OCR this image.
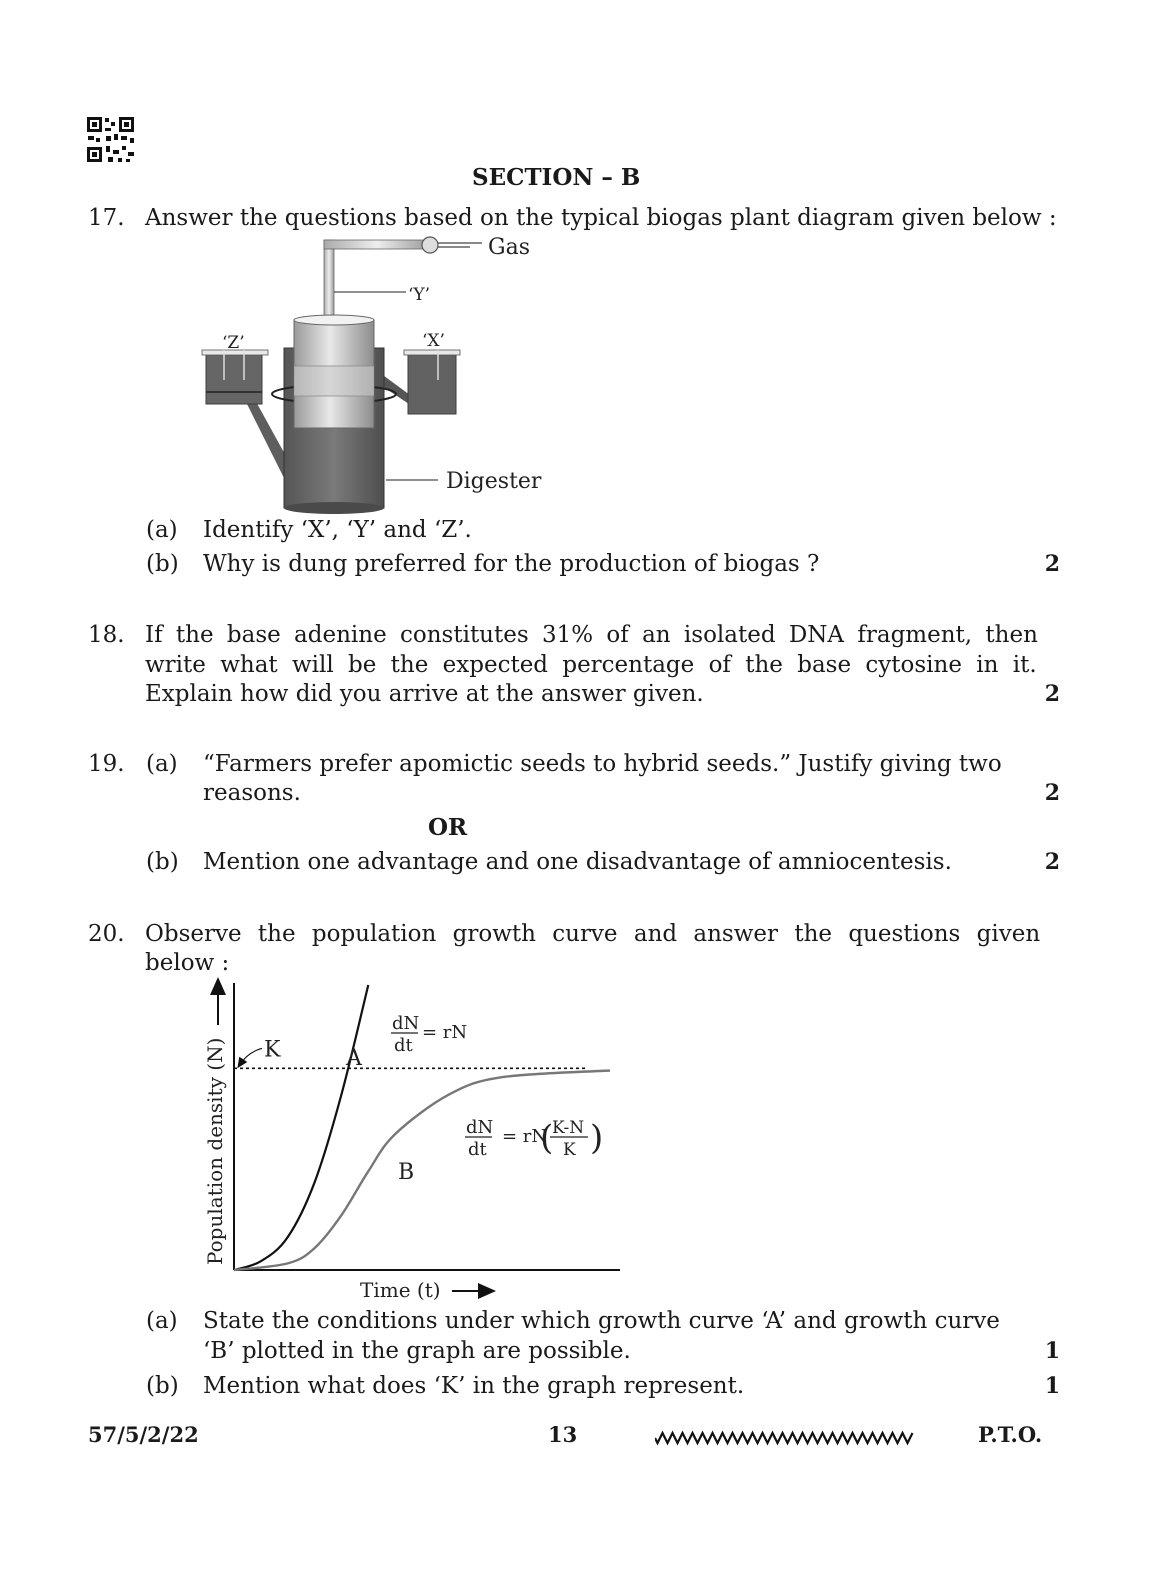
SECTION – B
17. Answer the questions based on the typical biogas plant diagram given below :
Gas
‘Y’
‘X’
‘Z’
Digester
(a) Identify ‘X’, ‘Y’ and ‘Z’.
(b) Why is dung preferred for the production of biogas ?	2
18. If the base adenine constitutes 31% of an isolated DNA fragment, then
write what will be the expected percentage of the base cytosine in it.
Explain how did you arrive at the answer given.	2
19. (a) “Farmers prefer apomictic seeds to hybrid seeds.” Justify giving two
reasons.	2
OR
(b) Mention one advantage and one disadvantage of amniocentesis.	2
20. Observe the population growth curve and answer the questions given
below :
Population density (N)
Time (t)
K	A
B
dN
dt
= rN
dN
dt
= rN
(
K-N
K )
(a) State the conditions under which growth curve ‘A’ and growth curve
‘B’ plotted in the graph are possible.	1
(b) Mention what does ‘K’ in the graph represent.	1
57/5/2/22	13	P.T.O.
